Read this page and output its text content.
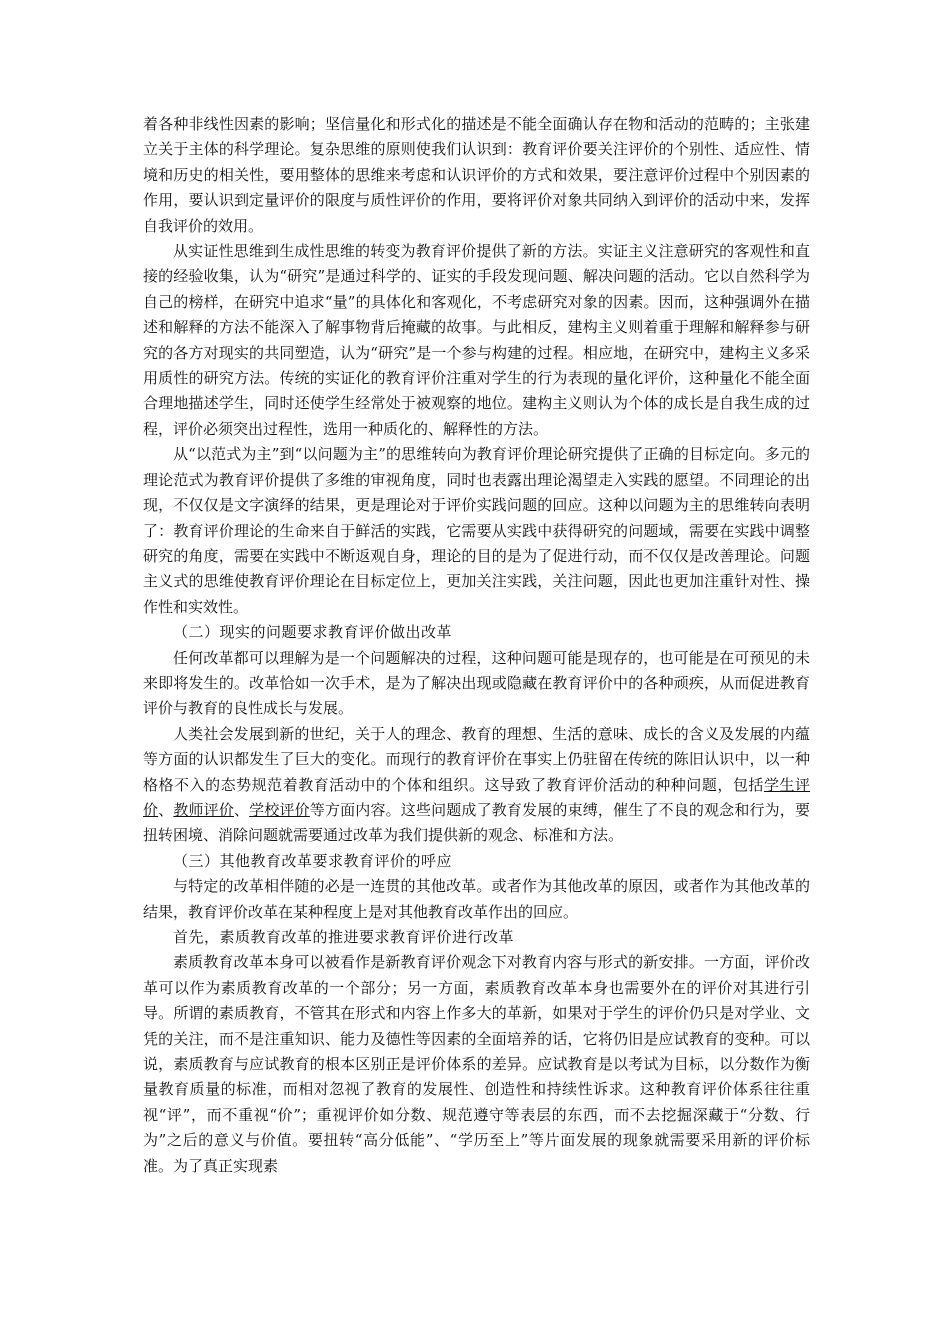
着各种非线性因素的影响；坚信量化和形式化的描述是不能全面确认存在物和活动的范畴的；主张建立关于主体的科学理论。复杂思维的原则使我们认识到：教育评价要关注评价的个别性、适应性、情境和历史的相关性，要用整体的思维来考虑和认识评价的方式和效果，要注意评价过程中个别因素的作用，要认识到定量评价的限度与质性评价的作用，要将评价对象共同纳入到评价的活动中来，发挥自我评价的效用。

从实证性思维到生成性思维的转变为教育评价提供了新的方法。实证主义注意研究的客观性和直接的经验收集，认为“研究”是通过科学的、证实的手段发现问题、解决问题的活动。它以自然科学为自己的榜样，在研究中追求“量”的具体化和客观化，不考虑研究对象的因素。因而，这种强调外在描述和解释的方法不能深入了解事物背后掩藏的故事。与此相反，建构主义则着重于理解和解释参与研究的各方对现实的共同塑造，认为“研究”是一个参与构建的过程。相应地，在研究中，建构主义多采用质性的研究方法。传统的实证化的教育评价注重对学生的行为表现的量化评价，这种量化不能全面合理地描述学生，同时还使学生经常处于被观察的地位。建构主义则认为个体的成长是自我生成的过程，评价必须突出过程性，选用一种质化的、解释性的方法。

从“以范式为主”到“以问题为主”的思维转向为教育评价理论研究提供了正确的目标定向。多元的理论范式为教育评价提供了多维的审视角度，同时也表露出理论渴望走入实践的愿望。不同理论的出现，不仅仅是文字演绎的结果，更是理论对于评价实践问题的回应。这种以问题为主的思维转向表明了：教育评价理论的生命来自于鲜活的实践，它需要从实践中获得研究的问题域，需要在实践中调整研究的角度，需要在实践中不断返观自身，理论的目的是为了促进行动，而不仅仅是改善理论。问题主义式的思维使教育评价理论在目标定位上，更加关注实践，关注问题，因此也更加注重针对性、操作性和实效性。

（二）现实的问题要求教育评价做出改革

任何改革都可以理解为是一个问题解决的过程，这种问题可能是现存的，也可能是在可预见的未来即将发生的。改革恰如一次手术，是为了解决出现或隐藏在教育评价中的各种顽疾，从而促进教育评价与教育的良性成长与发展。

人类社会发展到新的世纪，关于人的理念、教育的理想、生活的意味、成长的含义及发展的内蕴等方面的认识都发生了巨大的变化。而现行的教育评价在事实上仍驻留在传统的陈旧认识中，以一种格格不入的态势规范着教育活动中的个体和组织。这导致了教育评价活动的种种问题，包括学生评价、教师评价、学校评价等方面内容。这些问题成了教育发展的束缚，催生了不良的观念和行为，要扭转困境、消除问题就需要通过改革为我们提供新的观念、标准和方法。

（三）其他教育改革要求教育评价的呼应

与特定的改革相伴随的必是一连贯的其他改革。或者作为其他改革的原因，或者作为其他改革的结果，教育评价改革在某种程度上是对其他教育改革作出的回应。

首先，素质教育改革的推进要求教育评价进行改革

素质教育改革本身可以被看作是新教育评价观念下对教育内容与形式的新安排。一方面，评价改革可以作为素质教育改革的一个部分；另一方面，素质教育改革本身也需要外在的评价对其进行引导。所谓的素质教育，不管其在形式和内容上作多大的革新，如果对于学生的评价仍只是对学业、文凭的关注，而不是注重知识、能力及德性等因素的全面培养的话，它将仍旧是应试教育的变种。可以说，素质教育与应试教育的根本区别正是评价体系的差异。应试教育是以考试为目标，以分数作为衡量教育质量的标准，而相对忽视了教育的发展性、创造性和持续性诉求。这种教育评价体系往往重视“评”，而不重视“价”；重视评价如分数、规范遵守等表层的东西，而不去挖掘深藏于“分数、行为”之后的意义与价值。要扭转“高分低能”、“学历至上”等片面发展的现象就需要采用新的评价标准。为了真正实现素
